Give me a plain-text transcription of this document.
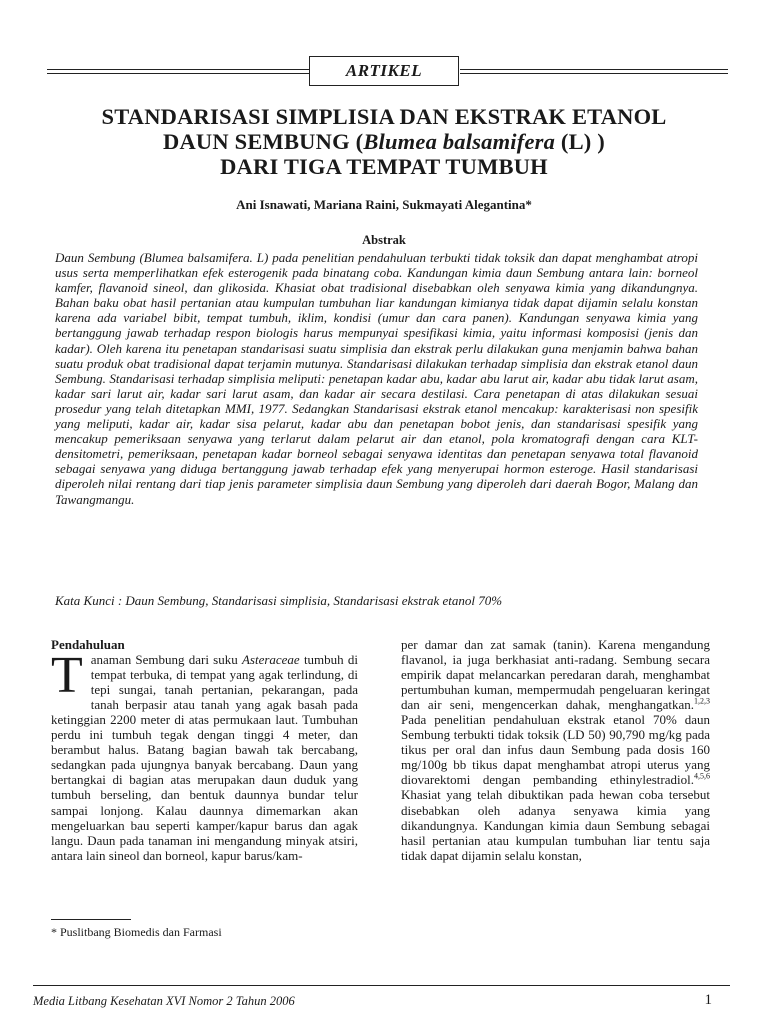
ARTIKEL
STANDARISASI SIMPLISIA DAN EKSTRAK ETANOL
DAUN SEMBUNG (Blumea balsamifera (L) )
DARI TIGA TEMPAT TUMBUH
Ani Isnawati, Mariana Raini, Sukmayati Alegantina*
Abstrak

Daun Sembung (Blumea balsamifera. L) pada penelitian pendahuluan terbukti tidak toksik dan dapat menghambat atropi usus serta memperlihatkan efek esterogenik pada binatang coba. Kandungan kimia daun Sembung antara lain: borneol kamfer, flavanoid sineol, dan glikosida. Khasiat obat tradisional disebabkan oleh senyawa kimia yang dikandungnya. Bahan baku obat hasil pertanian atau kumpulan tumbuhan liar kandungan kimianya tidak dapat dijamin selalu konstan karena ada variabel bibit, tempat tumbuh, iklim, kondisi (umur dan cara panen). Kandungan senyawa kimia yang bertanggung jawab terhadap respon biologis harus mempunyai spesifikasi kimia, yaitu informasi komposisi (jenis dan kadar). Oleh karena itu penetapan standarisasi suatu simplisia dan ekstrak perlu dilakukan guna menjamin bahwa bahan suatu produk obat tradisional dapat terjamin mutunya. Standarisasi dilakukan terhadap simplisia dan ekstrak etanol daun Sembung. Standarisasi terhadap simplisia meliputi: penetapan kadar abu, kadar abu larut air, kadar abu tidak larut asam, kadar sari larut air, kadar sari larut asam, dan kadar air secara destilasi. Cara penetapan di atas dilakukan sesuai prosedur yang telah ditetapkan MMI, 1977. Sedangkan Standarisasi ekstrak etanol mencakup: karakterisasi non spesifik yang meliputi, kadar air, kadar sisa pelarut, kadar abu dan penetapan bobot jenis, dan standarisasi spesifik yang mencakup pemeriksaan senyawa yang terlarut dalam pelarut air dan etanol, pola kromatografi dengan cara KLT-densitometri, pemeriksaan, penetapan kadar borneol sebagai senyawa identitas dan penetapan senyawa total flavanoid sebagai senyawa yang diduga bertanggung jawab terhadap efek yang menyerupai hormon esteroge. Hasil standarisasi diperoleh nilai rentang dari tiap jenis parameter simplisia daun Sembung yang diperoleh dari daerah Bogor, Malang dan Tawangmangu.

Kata Kunci : Daun Sembung, Standarisasi simplisia, Standarisasi ekstrak etanol 70%

Pendahuluan

Tanaman Sembung dari suku Asteraceae tumbuh di tempat terbuka, di tempat yang agak terlindung, di tepi sungai, tanah pertanian, pekarangan, pada tanah berpasir atau tanah yang agak basah pada ketinggian 2200 meter di atas permukaan laut. Tumbuhan perdu ini tumbuh tegak dengan tinggi 4 meter, dan berambut halus. Batang bagian bawah tak bercabang, sedangkan pada ujungnya banyak bercabang. Daun yang bertangkai di bagian atas merupakan daun duduk yang tumbuh berseling, dan bentuk daunnya bundar telur sampai lonjong. Kalau daunnya dimemarkan akan mengeluarkan bau seperti kamper/kapur barus dan agak langu. Daun pada tanaman ini mengandung minyak atsiri, antara lain sineol dan borneol, kapur barus/kam-

per damar dan zat samak (tanin). Karena mengandung flavanol, ia juga berkhasiat anti-radang. Sembung secara empirik dapat melancarkan peredaran darah, menghambat pertumbuhan kuman, mempermudah pengeluaran keringat dan air seni, mengencerkan dahak, menghangatkan.$^{1,2,3}$ Pada penelitian pendahuluan ekstrak etanol 70% daun Sembung terbukti tidak toksik (LD 50) 90,790 mg/kg pada tikus per oral dan infus daun Sembung pada dosis 160 mg/100g bb tikus dapat menghambat atropi uterus yang diovarektomi dengan pembanding ethinylestradiol.$^{4,5,6}$ Khasiat yang telah dibuktikan pada hewan coba tersebut disebabkan oleh adanya senyawa kimia yang dikandungnya. Kandungan kimia daun Sembung sebagai hasil pertanian atau kumpulan tumbuhan liar tentu saja tidak dapat dijamin selalu konstan,

* Puslitbang Biomedis dan Farmasi
Media Litbang Kesehatan XVI Nomor 2 Tahun 2006	1
